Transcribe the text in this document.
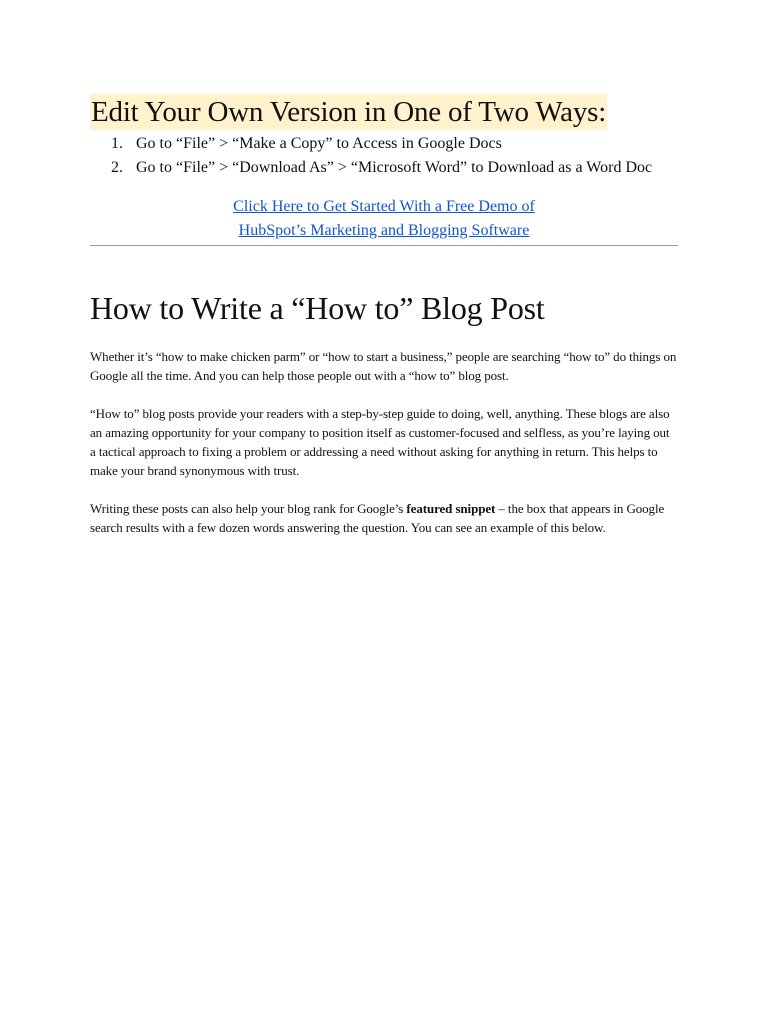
Edit Your Own Version in One of Two Ways:
1. Go to “File” > “Make a Copy” to Access in Google Docs
2. Go to “File” > “Download As” > “Microsoft Word” to Download as a Word Doc
Click Here to Get Started With a Free Demo of
HubSpot’s Marketing and Blogging Software
How to Write a “How to” Blog Post

Whether it’s “how to make chicken parm” or “how to start a business,” people are searching “how to” do things on Google all the time. And you can help those people out with a “how to” blog post.

“How to” blog posts provide your readers with a step-by-step guide to doing, well, anything. These blogs are also an amazing opportunity for your company to position itself as customer-focused and selfless, as you’re laying out a tactical approach to fixing a problem or addressing a need without asking for anything in return. This helps to make your brand synonymous with trust.

Writing these posts can also help your blog rank for Google’s featured snippet – the box that appears in Google search results with a few dozen words answering the question. You can see an example of this below.
